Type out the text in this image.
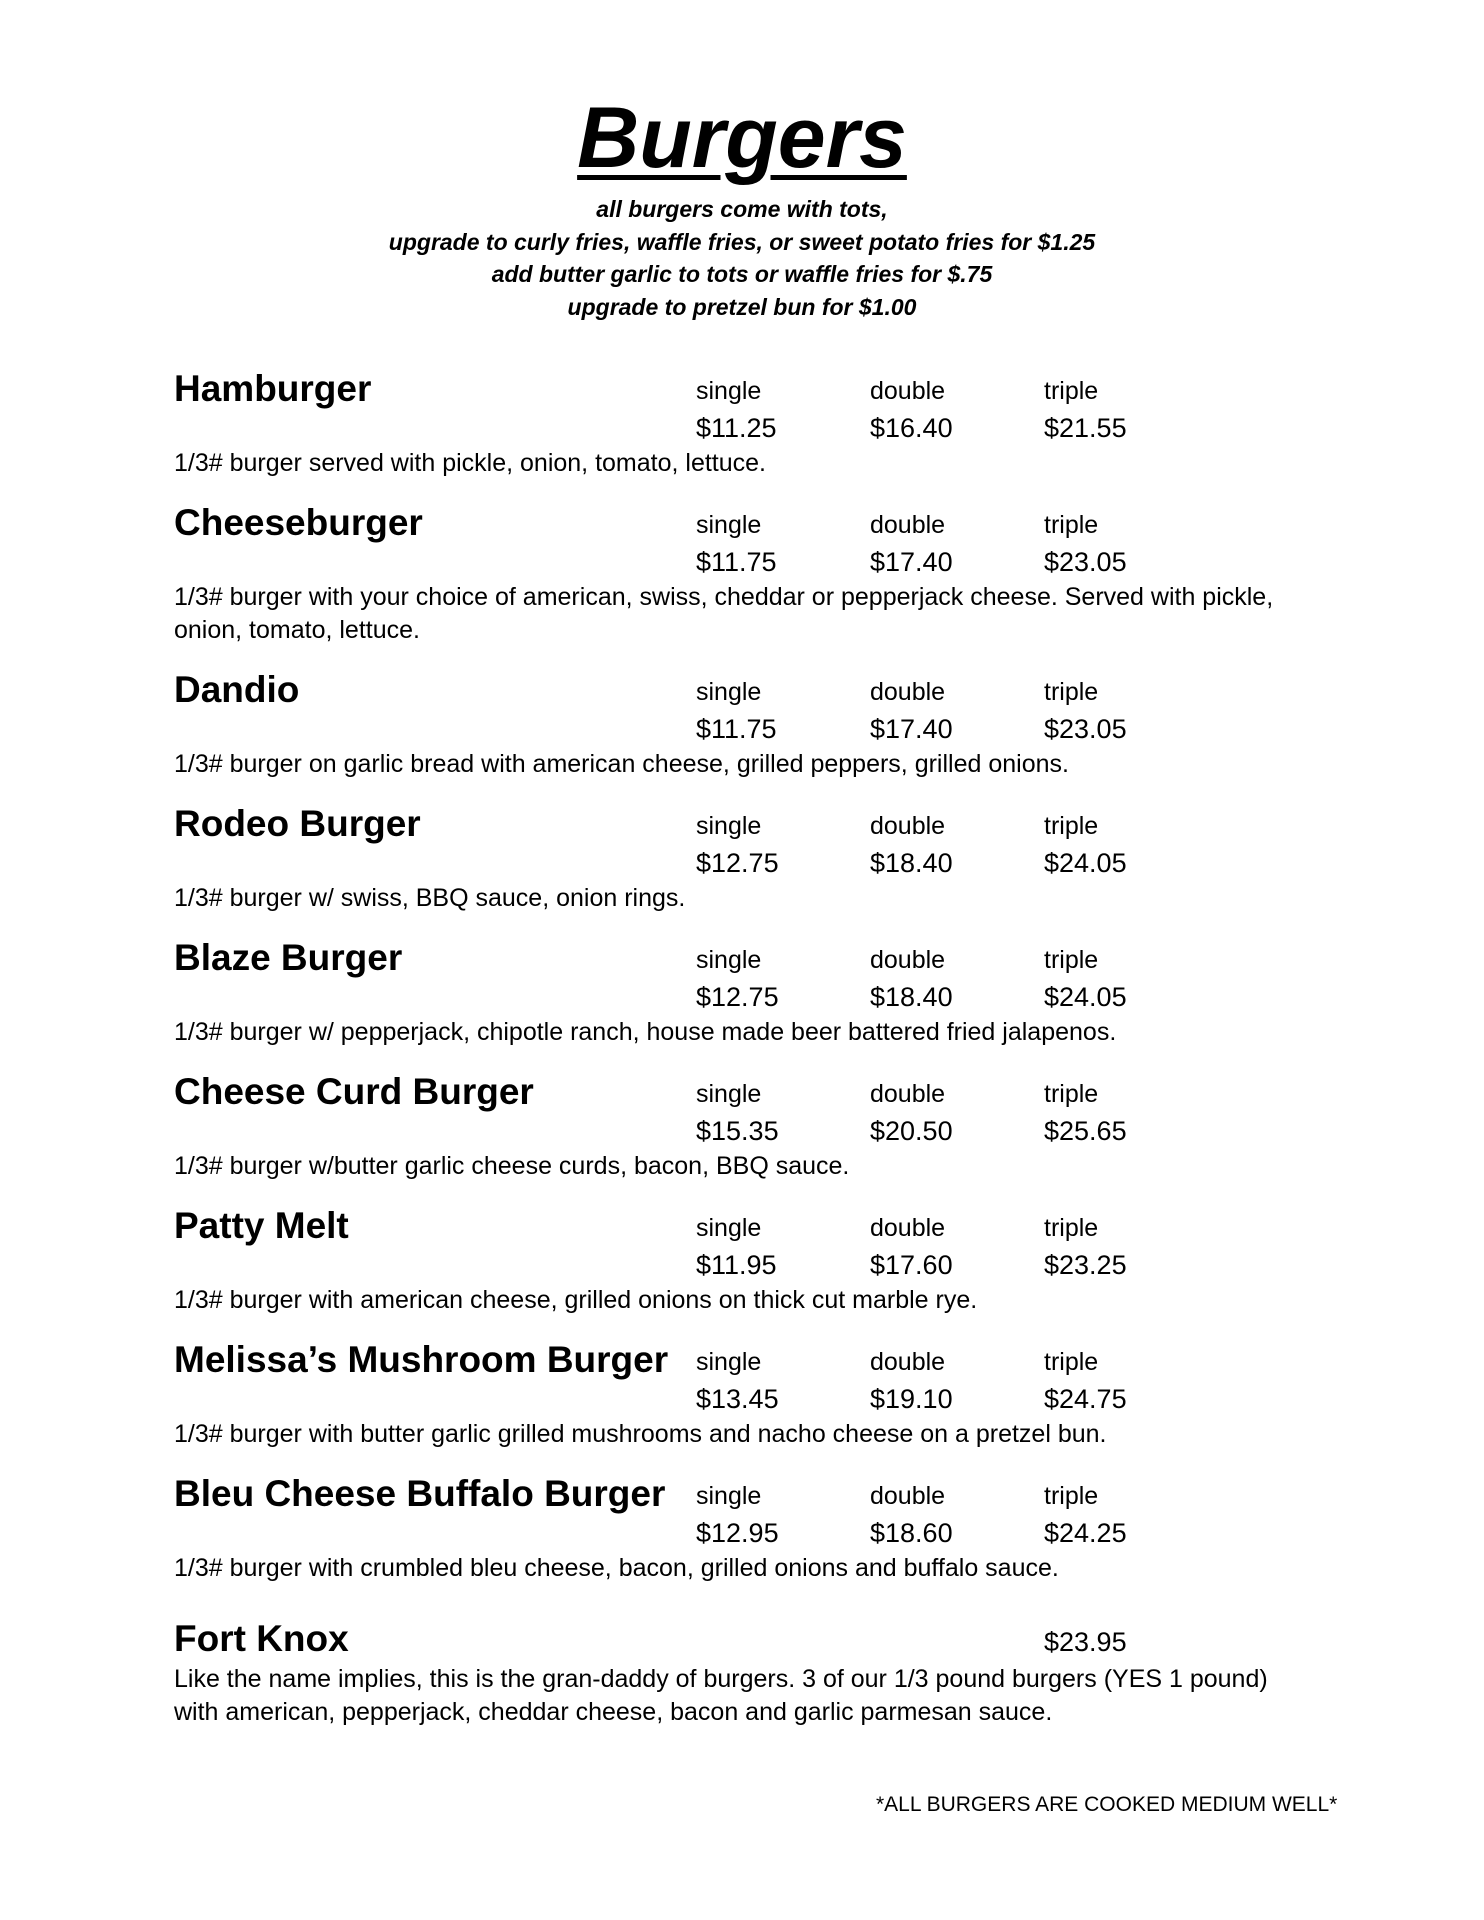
Burgers
all burgers come with tots,
upgrade to curly fries, waffle fries, or sweet potato fries for $1.25
add butter garlic to tots or waffle fries for $.75
upgrade to pretzel bun for $1.00
Hamburger	single	double	triple
$11.25	$16.40	$21.55
1/3# burger served with pickle, onion, tomato, lettuce.
Cheeseburger	single	double	triple
$11.75	$17.40	$23.05
1/3# burger with your choice of american, swiss, cheddar or pepperjack cheese. Served with pickle, onion, tomato, lettuce.
Dandio	single	double	triple
$11.75	$17.40	$23.05
1/3# burger on garlic bread with american cheese, grilled peppers, grilled onions.
Rodeo Burger	single	double	triple
$12.75	$18.40	$24.05
1/3# burger w/ swiss, BBQ sauce, onion rings.
Blaze Burger	single	double	triple
$12.75	$18.40	$24.05
1/3# burger w/ pepperjack, chipotle ranch, house made beer battered fried jalapenos.
Cheese Curd Burger	single	double	triple
$15.35	$20.50	$25.65
1/3# burger w/butter garlic cheese curds, bacon, BBQ sauce.
Patty Melt	single	double	triple
$11.95	$17.60	$23.25
1/3# burger with american cheese, grilled onions on thick cut marble rye.
Melissa’s Mushroom Burger single	double	triple
$13.45	$19.10	$24.75
1/3# burger with butter garlic grilled mushrooms and nacho cheese on a pretzel bun.
Bleu Cheese Buffalo Burger single	double	triple
$12.95	$18.60	$24.25
1/3# burger with crumbled bleu cheese, bacon, grilled onions and buffalo sauce.
Fort Knox	$23.95
Like the name implies, this is the gran-daddy of burgers. 3 of our 1/3 pound burgers (YES 1 pound) with american, pepperjack, cheddar cheese, bacon and garlic parmesan sauce.
*ALL BURGERS ARE COOKED MEDIUM WELL*
